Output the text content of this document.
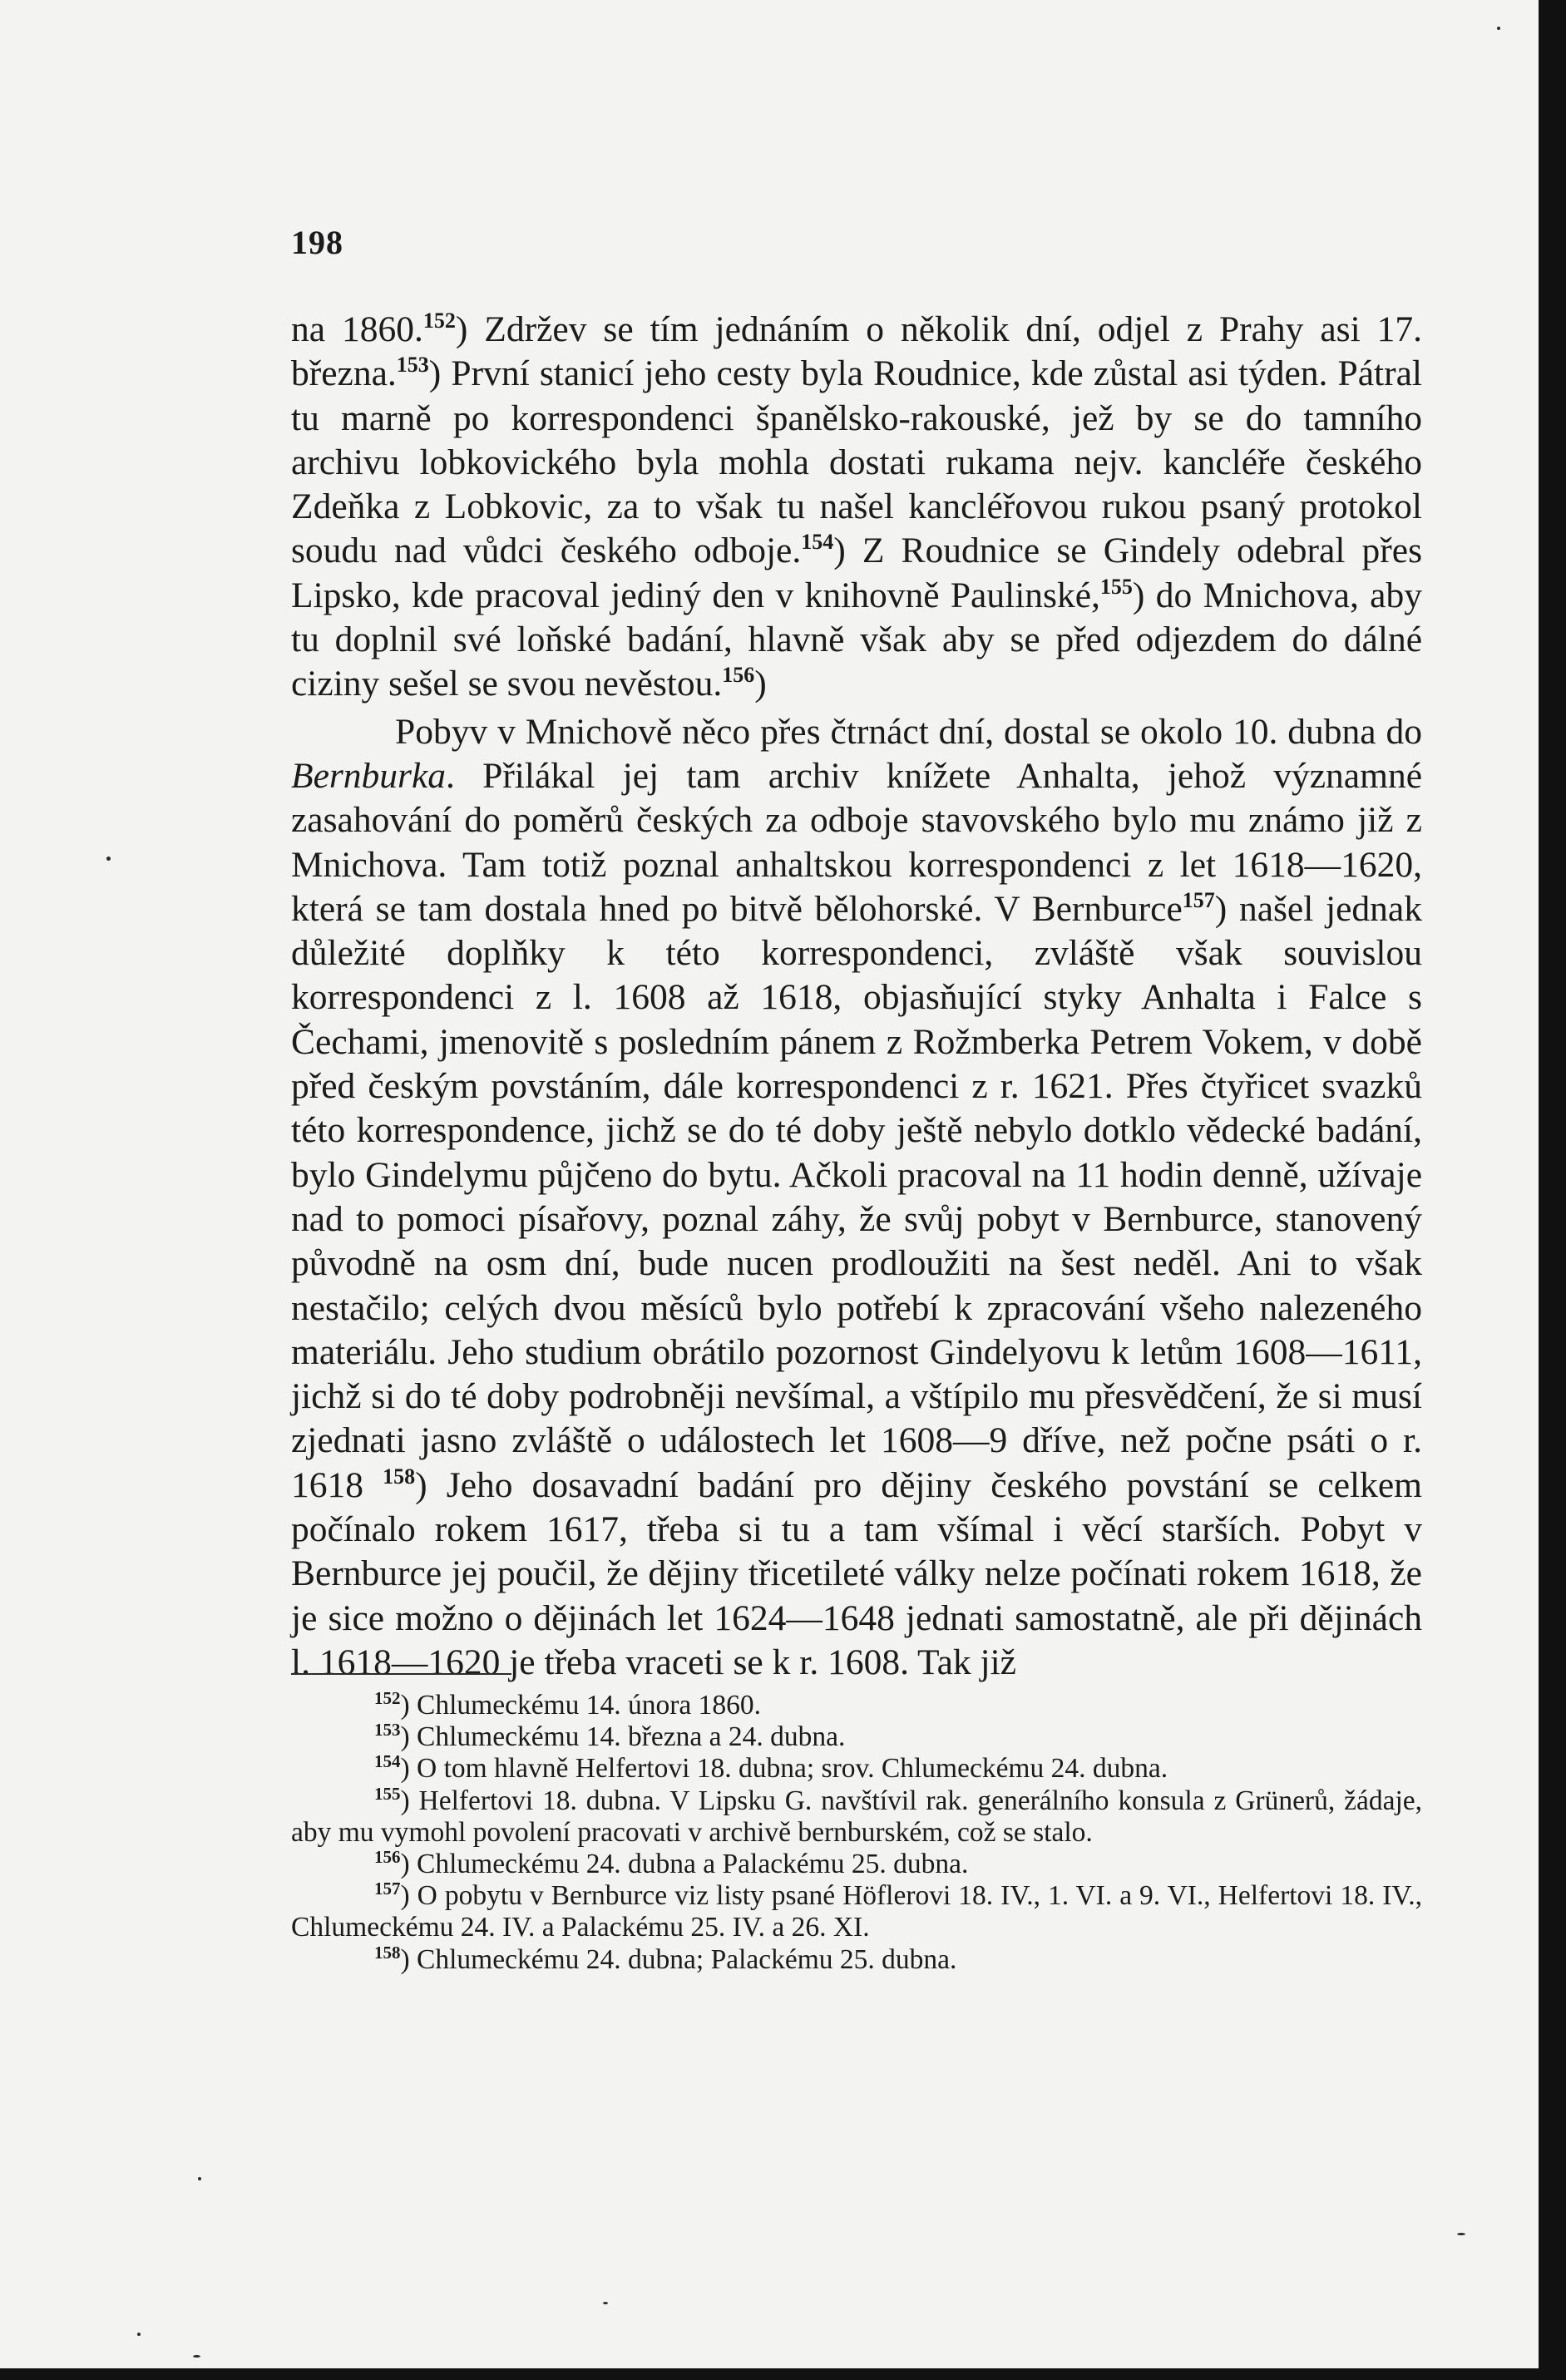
198

na 1860.$^{152}$) Zdržev se tím jednáním o několik dní, odjel z Prahy asi 17. března.$^{153}$) První stanicí jeho cesty byla Roudnice, kde zůstal asi týden. Pátral tu marně po korrespondenci španělsko-rakouské, jež by se do tamního archivu lobkovického byla mohla dostati rukama nejv. kancléře českého Zdeňka z Lobkovic, za to však tu našel kancléřovou rukou psaný protokol soudu nad vůdci českého odboje.$^{154}$) Z Roudnice se Gindely odebral přes Lipsko, kde pracoval jediný den v knihovně Paulinské,$^{155}$) do Mnichova, aby tu doplnil své loňské badání, hlavně však aby se před odjezdem do dálné ciziny sešel se svou nevěstou.$^{156}$)

Pobyv v Mnichově něco přes čtrnáct dní, dostal se okolo 10. dubna do Bernburka. Přilákal jej tam archiv knížete Anhalta, jehož významné zasahování do poměrů českých za odboje stavovského bylo mu známo již z Mnichova. Tam totiž poznal anhaltskou korrespondenci z let 1618—1620, která se tam dostala hned po bitvě bělohorské. V Bernburce$^{157}$) našel jednak důležité doplňky k této korrespondenci, zvláště však souvislou korrespondenci z l. 1608 až 1618, objasňující styky Anhalta i Falce s Čechami, jmenovitě s posledním pánem z Rožmberka Petrem Vokem, v době před českým povstáním, dále korrespondenci z r. 1621. Přes čtyřicet svazků této korrespondence, jichž se do té doby ještě nebylo dotklo vědecké badání, bylo Gindelymu půjčeno do bytu. Ačkoli pracoval na 11 hodin denně, užívaje nad to pomoci písařovy, poznal záhy, že svůj pobyt v Bernburce, stanovený původně na osm dní, bude nucen prodloužiti na šest neděl. Ani to však nestačilo; celých dvou měsíců bylo potřebí k zpracování všeho nalezeného materiálu. Jeho studium obrátilo pozornost Gindelyovu k letům 1608—1611, jichž si do té doby podrobněji nevšímal, a vštípilo mu přesvědčení, že si musí zjednati jasno zvláště o událostech let 1608—9 dříve, než počne psáti o r. 1618 $^{158}$) Jeho dosavadní badání pro dějiny českého povstání se celkem počínalo rokem 1617, třeba si tu a tam všímal i věcí starších. Pobyt v Bernburce jej poučil, že dějiny třicetileté války nelze počínati rokem 1618, že je sice možno o dějinách let 1624—1648 jednati samostatně, ale při dějinách l. 1618—1620 je třeba vraceti se k r. 1608. Tak již

$^{152}$) Chlumeckému 14. února 1860.

$^{153}$) Chlumeckému 14. března a 24. dubna.

$^{154}$) O tom hlavně Helfertovi 18. dubna; srov. Chlumeckému 24. dubna.

$^{155}$) Helfertovi 18. dubna. V Lipsku G. navštívil rak. generálního konsula z Grünerů, žádaje, aby mu vymohl povolení pracovati v archivě bernburském, což se stalo.

$^{156}$) Chlumeckému 24. dubna a Palackému 25. dubna.

$^{157}$) O pobytu v Bernburce viz listy psané Höflerovi 18. IV., 1. VI. a 9. VI., Helfertovi 18. IV., Chlumeckému 24. IV. a Palackému 25. IV. a 26. XI.

$^{158}$) Chlumeckému 24. dubna; Palackému 25. dubna.
